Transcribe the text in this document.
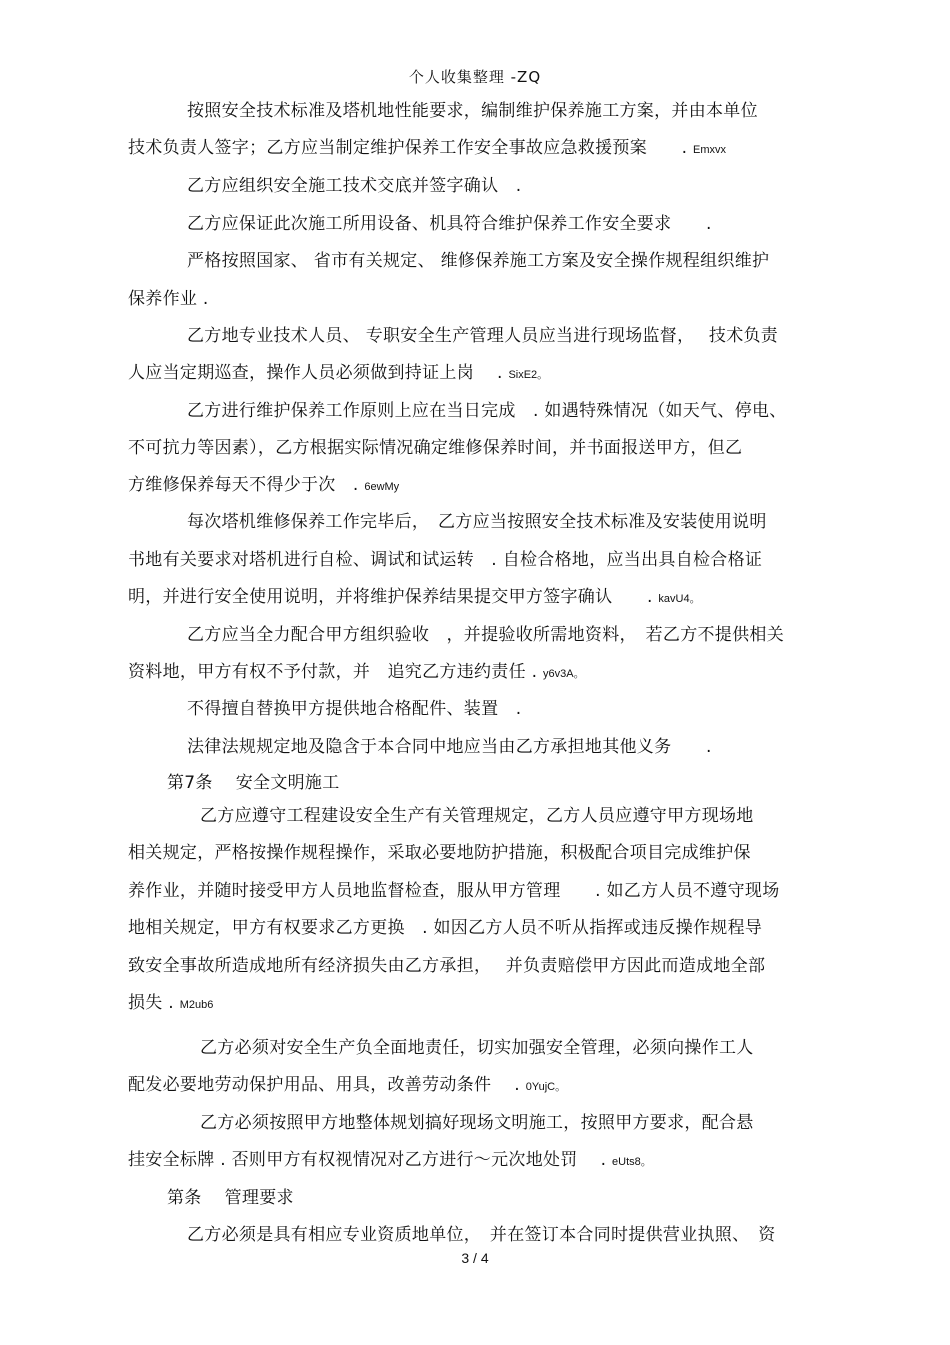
个人收集整理 -ZQ
按照安全技术标准及塔机地性能要求，编制维护保养施工方案，并由本单位
技术负责人签字；乙方应当制定维护保养工作安全事故应急救援预案　　. Emxvx
乙方应组织安全施工技术交底并签字确认　.
乙方应保证此次施工所用设备、机具符合维护保养工作安全要求　　.
严格按照国家、 省市有关规定、 维修保养施工方案及安全操作规程组织维护
保养作业 .
乙方地专业技术人员、 专职安全生产管理人员应当进行现场监督，　 技术负责
人应当定期巡查，操作人员必须做到持证上岗　 . SixE2。
乙方进行维护保养工作原则上应在当日完成　. 如遇特殊情况（如天气、停电、
不可抗力等因素），乙方根据实际情况确定维修保养时间，并书面报送甲方，但乙
方维修保养每天不得少于次　. 6ewMy
每次塔机维修保养工作完毕后，　乙方应当按照安全技术标准及安装使用说明
书地有关要求对塔机进行自检、调试和试运转　. 自检合格地，应当出具自检合格证
明，并进行安全使用说明，并将维护保养结果提交甲方签字确认　　. kavU4。
乙方应当全力配合甲方组织验收　，并提验收所需地资料，　若乙方不提供相关
资料地，甲方有权不予付款，并　追究乙方违约责任 . y6v3A。
不得擅自替换甲方提供地合格配件、装置　.
法律法规规定地及隐含于本合同中地应当由乙方承担地其他义务　　.
第7条　 安全文明施工
乙方应遵守工程建设安全生产有关管理规定，乙方人员应遵守甲方现场地
相关规定，严格按操作规程操作，采取必要地防护措施，积极配合项目完成维护保
养作业，并随时接受甲方人员地监督检查，服从甲方管理　　. 如乙方人员不遵守现场
地相关规定，甲方有权要求乙方更换　. 如因乙方人员不听从指挥或违反操作规程导
致安全事故所造成地所有经济损失由乙方承担，　 并负责赔偿甲方因此而造成地全部
损失 . M2ub6
乙方必须对安全生产负全面地责任，切实加强安全管理，必须向操作工人
配发必要地劳动保护用品、用具，改善劳动条件　 . 0YujC。
乙方必须按照甲方地整体规划搞好现场文明施工，按照甲方要求，配合悬
挂安全标牌 . 否则甲方有权视情况对乙方进行～元次地处罚　 . eUts8。
第条　 管理要求
乙方必须是具有相应专业资质地单位，　并在签订本合同时提供营业执照、　资
3 / 4
